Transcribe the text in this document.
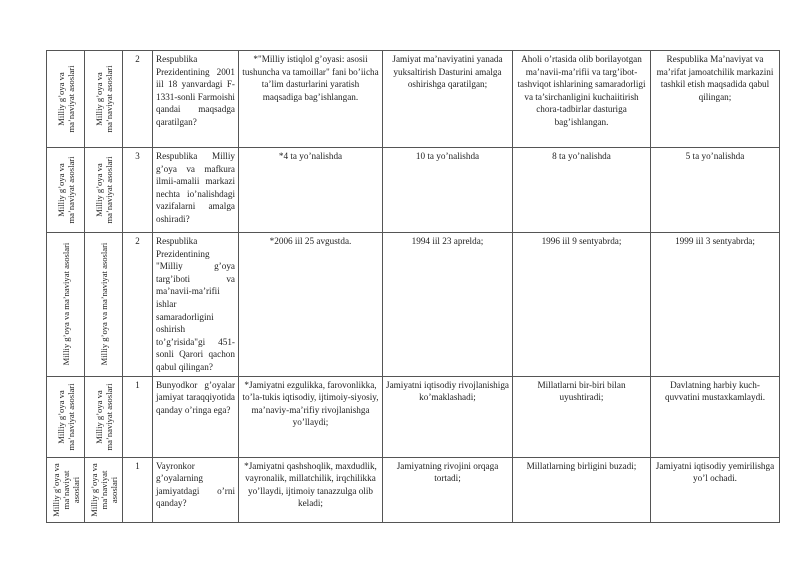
Milliy g’oya va ma’naviyat asoslari	Milliy g’oya va ma’naviyat asoslari	2	Respublika Prezidentining 2001 iil 18 yanvardagi F-1331-sonli Farmoishi qandai maqsadga qaratilgan?	*"Milliy istiqlol g’oyasi: asosii tushuncha va tamoillar" fani bo’iicha ta’lim dasturlarini yaratish maqsadiga bag’ishlangan.	Jamiyat ma’naviyatini yanada yuksaltirish Dasturini amalga oshirishga qaratilgan;	Aholi o’rtasida olib borilayotgan ma’navii-ma’rifii va targ’ibot-tashviqot ishlarining samaradorligi va ta’sirchanligini kuchaiitirish chora-tadbirlar dasturiga bag’ishlangan.	Respublika Ma’naviyat va ma’rifat jamoatchilik markazini tashkil etish maqsadida qabul qilingan;

Milliy g’oya va ma’naviyat asoslari	Milliy g’oya va ma’naviyat asoslari	3	Respublika Milliy g’oya va mafkura ilmii-amalii markazi nechta io’nalishdagi vazifalarni amalga oshiradi?	*4 ta yo’nalishda	10 ta yo’nalishda	8 ta yo’nalishda	5 ta yo’nalishda

Milliy g’oya va ma’naviyat asoslari	Milliy g’oya va ma’naviyat asoslari	2	Respublika Prezidentining "Milliy g’oya targ’iboti va ma’navii-ma’rifii ishlar samaradorligini oshirish to’g’risida"gi 451-sonli Qarori qachon qabul qilingan?	*2006 iil 25 avgustda.	1994 iil 23 aprelda;	1996 iil 9 sentyabrda;	1999 iil 3 sentyabrda;

Milliy g’oya va ma’naviyat asoslari	Milliy g’oya va ma’naviyat asoslari	1	Bunyodkor g’oyalar jamiyat taraqqiyotida qanday o’ringa ega?	*Jamiyatni ezgulikka, farovonlikka, to’la-tukis iqtisodiy, ijtimoiy-siyosiy, ma’naviy-ma’rifiy rivojlanishga yo’llaydi;	Jamiyatni iqtisodiy rivojlanishiga ko’maklashadi;	Millatlarni bir-biri bilan uyushtiradi;	Davlatning harbiy kuch-quvvatini mustaxkamlaydi.

Milliy g’oya va ma’naviyat asoslari	Milliy g’oya va ma’naviyat asoslari	1	Vayronkor g’oyalarning jamiyatdagi o’rni qanday?	*Jamiyatni qashshoqlik, maxdudlik, vayronalik, millatchilik, irqchilikka yo’llaydi, ijtimoiy tanazzulga olib keladi;	Jamiyatning rivojini orqaga tortadi;	Millatlarning birligini buzadi;	Jamiyatni iqtisodiy yemirilishga yo’l ochadi.
